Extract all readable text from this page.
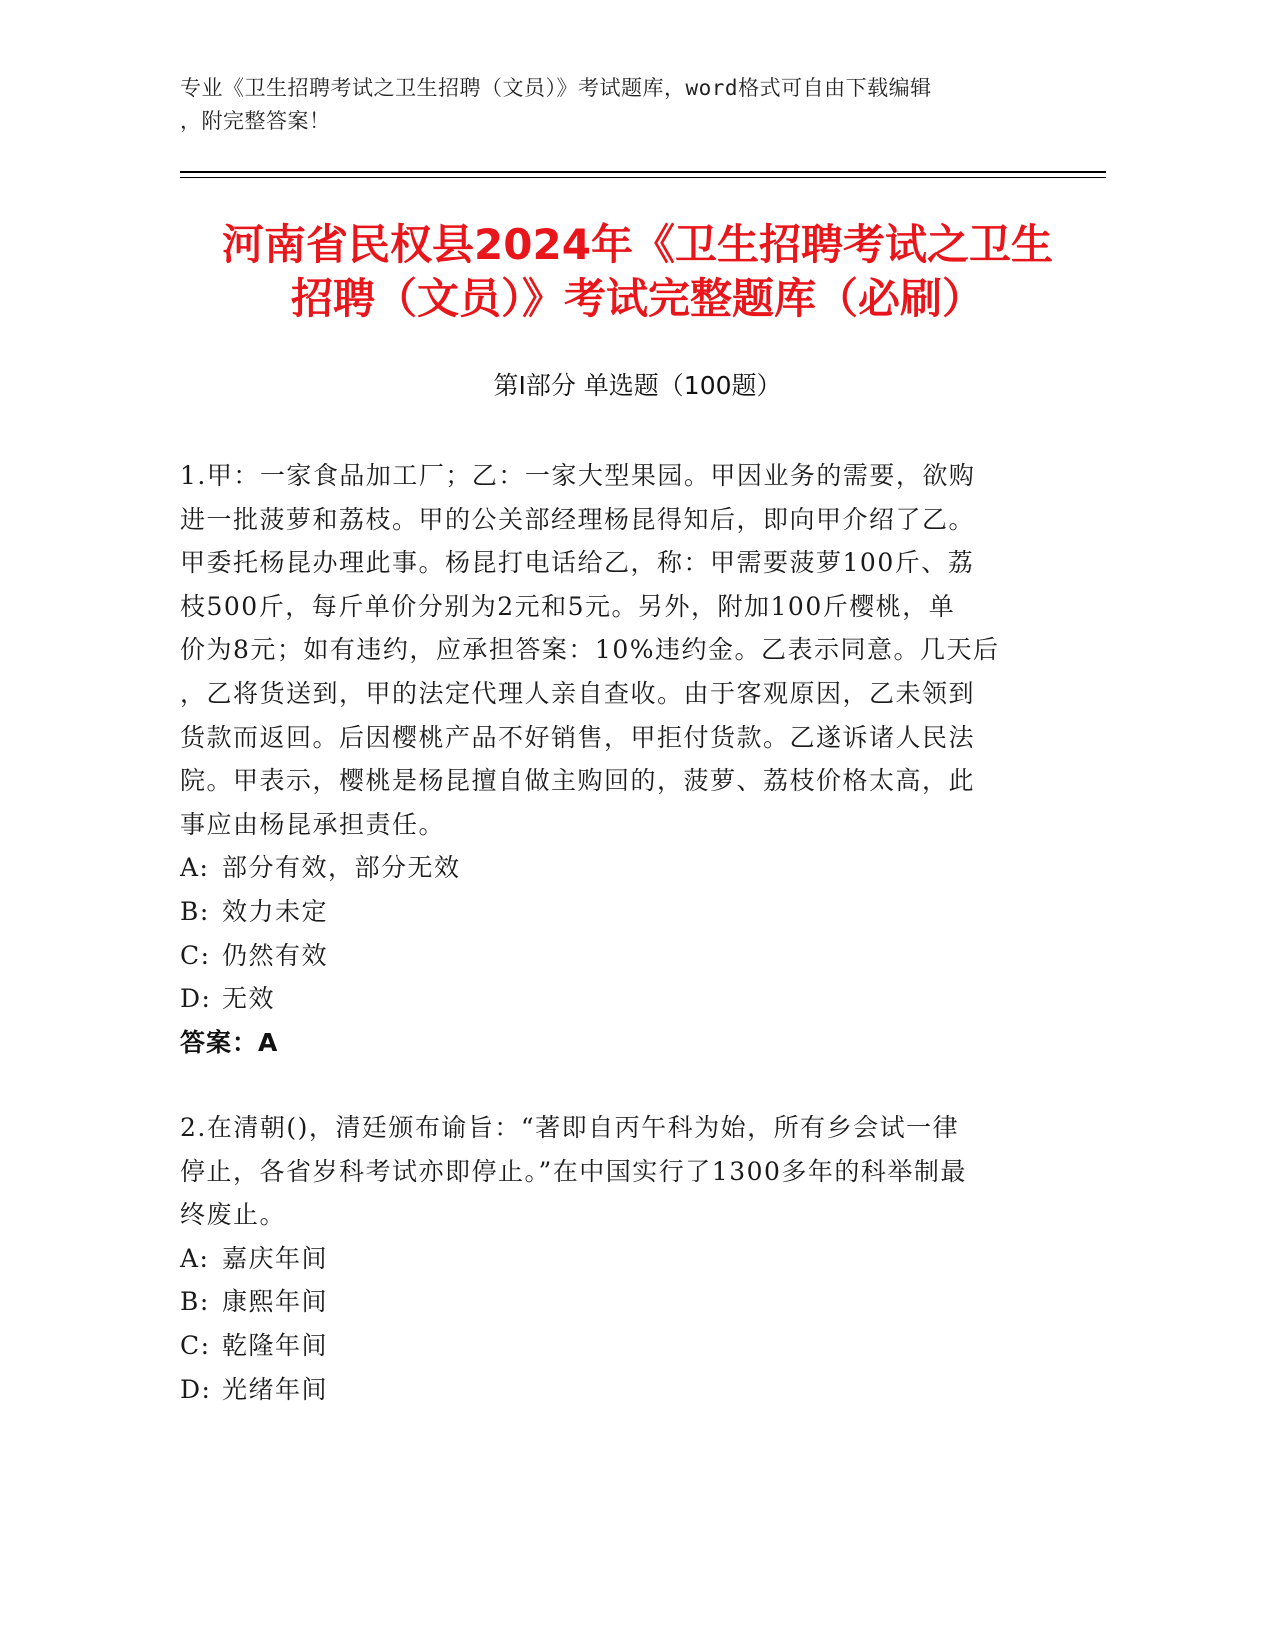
专业《卫生招聘考试之卫生招聘（文员）》考试题库，word格式可自由下载编辑
，附完整答案！
河南省民权县2024年《卫生招聘考试之卫生
招聘（文员）》考试完整题库（必刷）
第Ⅰ部分 单选题（100题）
1.甲：一家食品加工厂；乙：一家大型果园。甲因业务的需要，欲购
进一批菠萝和荔枝。甲的公关部经理杨昆得知后，即向甲介绍了乙。
甲委托杨昆办理此事。杨昆打电话给乙，称：甲需要菠萝100斤、荔
枝500斤，每斤单价分别为2元和5元。另外，附加100斤樱桃，单
价为8元；如有违约，应承担答案：10%违约金。乙表示同意。几天后
，乙将货送到，甲的法定代理人亲自查收。由于客观原因，乙未领到
货款而返回。后因樱桃产品不好销售，甲拒付货款。乙遂诉诸人民法
院。甲表示，樱桃是杨昆擅自做主购回的，菠萝、荔枝价格太高，此
事应由杨昆承担责任。
A: 部分有效，部分无效
B: 效力未定
C: 仍然有效
D: 无效
答案：A
2.在清朝()，清廷颁布谕旨：“著即自丙午科为始，所有乡会试一律
停止，各省岁科考试亦即停止。”在中国实行了1300多年的科举制最
终废止。
A: 嘉庆年间
B: 康熙年间
C: 乾隆年间
D: 光绪年间
